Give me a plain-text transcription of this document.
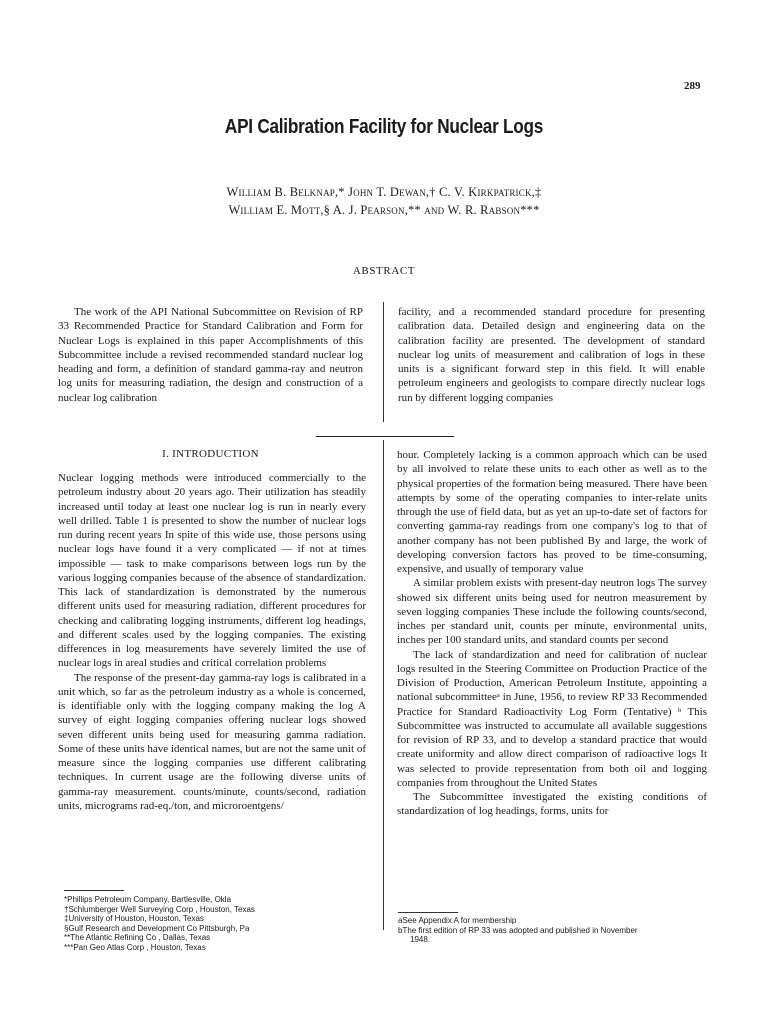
289
API Calibration Facility for Nuclear Logs
William B. Belknap,* John T. Dewan,† C. V. Kirkpatrick,‡
William E. Mott,§ A. J. Pearson,** and W. R. Rabson***
ABSTRACT

The work of the API National Subcommittee on Revision of RP 33 Recommended Practice for Standard Calibration and Form for Nuclear Logs is explained in this paper Accomplishments of this Subcommittee include a revised recommended standard nuclear log heading and form, a definition of standard gamma-ray and neutron log units for measuring radiation, the design and construction of a nuclear log calibration

facility, and a recommended standard procedure for presenting calibration data. Detailed design and engineering data on the calibration facility are presented. The development of standard nuclear log units of measurement and calibration of logs in these units is a significant forward step in this field. It will enable petroleum engineers and geologists to compare directly nuclear logs run by different logging companies

I. INTRODUCTION

Nuclear logging methods were introduced commercially to the petroleum industry about 20 years ago. Their utilization has steadily increased until today at least one nuclear log is run in nearly every well drilled. Table 1 is presented to show the number of nuclear logs run during recent years In spite of this wide use, those persons using nuclear logs have found it a very complicated — if not at times impossible — task to make comparisons between logs run by the various logging companies because of the absence of standardization. This lack of standardization is demonstrated by the numerous different units used for measuring radiation, different procedures for checking and calibrating logging instruments, different log headings, and different scales used by the logging companies. The existing differences in log measurements have severely limited the use of nuclear logs in areal studies and critical correlation problems

The response of the present-day gamma-ray logs is calibrated in a unit which, so far as the petroleum industry as a whole is concerned, is identifiable only with the logging company making the log A survey of eight logging companies offering nuclear logs showed seven different units being used for measuring gamma radiation. Some of these units have identical names, but are not the same unit of measure since the logging companies use different calibrating techniques. In current usage are the following diverse units of gamma-ray measurement. counts/minute, counts/second, radiation units, micrograms rad-eq./ton, and microroentgens/

hour. Completely lacking is a common approach which can be used by all involved to relate these units to each other as well as to the physical properties of the formation being measured. There have been attempts by some of the operating companies to inter-relate units through the use of field data, but as yet an up-to-date set of factors for converting gamma-ray readings from one company's log to that of another company has not been published By and large, the work of developing conversion factors has proved to be time-consuming, expensive, and usually of temporary value

A similar problem exists with present-day neutron logs The survey showed six different units being used for neutron measurement by seven logging companies These include the following counts/second, inches per standard unit, counts per minute, environmental units, inches per 100 standard units, and standard counts per second

The lack of standardization and need for calibration of nuclear logs resulted in the Steering Committee on Production Practice of the Division of Production, American Petroleum Institute, appointing a national subcommitteeᵃ in June, 1956, to review RP 33 Recommended Practice for Standard Radioactivity Log Form (Tentative) ᵇ This Subcommittee was instructed to accumulate all available suggestions for revision of RP 33, and to develop a standard practice that would create uniformity and allow direct comparison of radioactive logs It was selected to provide representation from both oil and logging companies from throughout the United States

The Subcommittee investigated the existing conditions of standardization of log headings, forms, units for

*Phillips Petroleum Company, Bartlesville, Okla
†Schlumberger Well Surveying Corp , Houston, Texas
‡University of Houston, Houston, Texas
§Gulf Research and Development Co Pittsburgh, Pa
**The Atlantic Refining Co , Dallas, Texas
***Pan Geo Atlas Corp , Houston, Texas
aSee Appendix A for membership
bThe first edition of RP 33 was adopted and published in November
1948.
